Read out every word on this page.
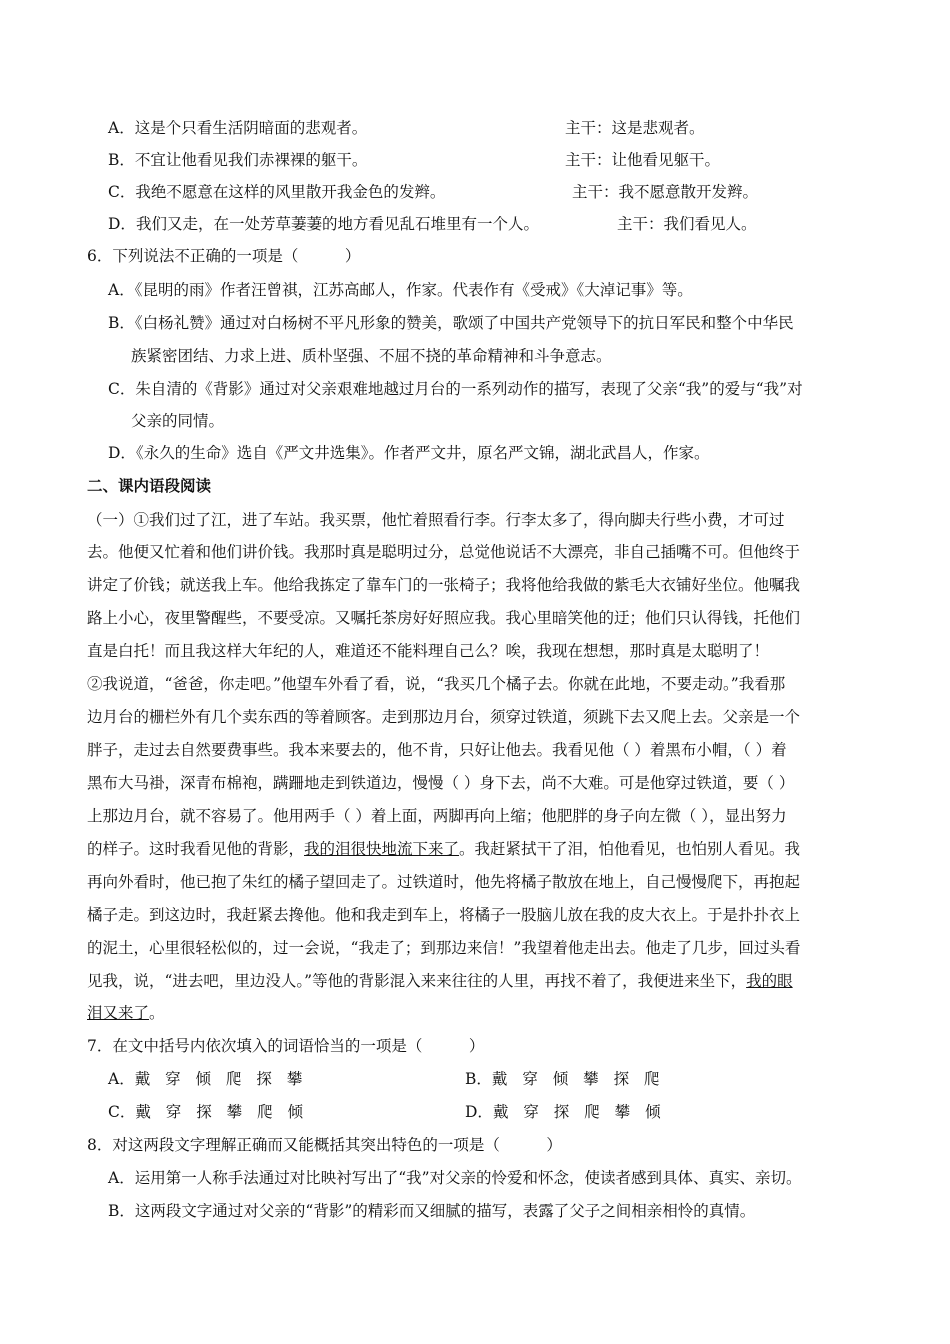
A．这是个只看生活阴暗面的悲观者。	主干：这是悲观者。
B．不宜让他看见我们赤裸裸的躯干。	主干：让他看见躯干。
C．我绝不愿意在这样的风里散开我金色的发辫。	主干：我不愿意散开发辫。
D．我们又走，在一处芳草萋萋的地方看见乱石堆里有一个人。	主干：我们看见人。
6．下列说法不正确的一项是（　　　）
A．《昆明的雨》作者汪曾祺，江苏高邮人，作家。代表作有《受戒》《大淖记事》等。
B．《白杨礼赞》通过对白杨树不平凡形象的赞美，歌颂了中国共产党领导下的抗日军民和整个中华民
族紧密团结、力求上进、质朴坚强、不屈不挠的革命精神和斗争意志。
C．朱自清的《背影》通过对父亲艰难地越过月台的一系列动作的描写，表现了父亲“我”的爱与“我”对
父亲的同情。
D．《永久的生命》选自《严文井选集》。作者严文井，原名严文锦，湖北武昌人，作家。
二、课内语段阅读
（一）①我们过了江，进了车站。我买票，他忙着照看行李。行李太多了，得向脚夫行些小费，才可过
去。他便又忙着和他们讲价钱。我那时真是聪明过分，总觉他说话不大漂亮，非自己插嘴不可。但他终于
讲定了价钱；就送我上车。他给我拣定了靠车门的一张椅子；我将他给我做的紫毛大衣铺好坐位。他嘱我
路上小心，夜里警醒些，不要受凉。又嘱托茶房好好照应我。我心里暗笑他的迂；他们只认得钱，托他们
直是白托！而且我这样大年纪的人，难道还不能料理自己么？唉，我现在想想，那时真是太聪明了！
②我说道，“爸爸，你走吧。”他望车外看了看，说，“我买几个橘子去。你就在此地，不要走动。”我看那
边月台的栅栏外有几个卖东西的等着顾客。走到那边月台，须穿过铁道，须跳下去又爬上去。父亲是一个
胖子，走过去自然要费事些。我本来要去的，他不肯，只好让他去。我看见他（ ）着黑布小帽，（ ）着
黑布大马褂，深青布棉袍，蹒跚地走到铁道边，慢慢（ ）身下去，尚不大难。可是他穿过铁道，要（ ）
上那边月台，就不容易了。他用两手（ ）着上面，两脚再向上缩；他肥胖的身子向左微（ ），显出努力
的样子。这时我看见他的背影，我的泪很快地流下来了。我赶紧拭干了泪，怕他看见，也怕别人看见。我
再向外看时，他已抱了朱红的橘子望回走了。过铁道时，他先将橘子散放在地上，自己慢慢爬下，再抱起
橘子走。到这边时，我赶紧去搀他。他和我走到车上，将橘子一股脑儿放在我的皮大衣上。于是扑扑衣上
的泥土，心里很轻松似的，过一会说，“我走了；到那边来信！”我望着他走出去。他走了几步，回过头看
见我，说，“进去吧，里边没人。”等他的背影混入来来往往的人里，再找不着了，我便进来坐下，我的眼
泪又来了。
7．在文中括号内依次填入的词语恰当的一项是（　　　）
A．戴 穿 倾 爬 探 攀	B．戴 穿 倾 攀 探 爬
C．戴 穿 探 攀 爬 倾	D．戴 穿 探 爬 攀 倾
8．对这两段文字理解正确而又能概括其突出特色的一项是（　　　）
A．运用第一人称手法通过对比映衬写出了“我”对父亲的怜爱和怀念，使读者感到具体、真实、亲切。
B．这两段文字通过对父亲的“背影”的精彩而又细腻的描写，表露了父子之间相亲相怜的真情。
